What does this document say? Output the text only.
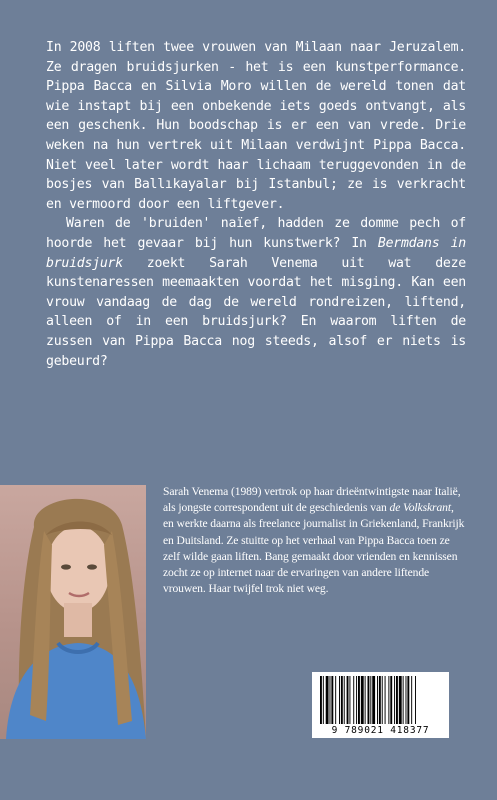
In 2008 liften twee vrouwen van Milaan naar Jeruzalem. Ze dragen bruidsjurken - het is een kunstperformance. Pippa Bacca en Silvia Moro willen de wereld tonen dat wie instapt bij een onbekende iets goeds ontvangt, als een geschenk. Hun boodschap is er een van vrede. Drie weken na hun vertrek uit Milaan verdwijnt Pippa Bacca. Niet veel later wordt haar lichaam teruggevonden in de bosjes van Ballıkayalar bij Istanbul; ze is verkracht en vermoord door een liftgever.

Waren de 'bruiden' naïef, hadden ze domme pech of hoorde het gevaar bij hun kunstwerk? In Bermdans in bruidsjurk zoekt Sarah Venema uit wat deze kunstenaressen meemaakten voordat het misging. Kan een vrouw vandaag de dag de wereld rondreizen, liftend, alleen of in een bruidsjurk? En waarom liften de zussen van Pippa Bacca nog steeds, alsof er niets is gebeurd?

Sarah Venema (1989) vertrok op haar drieëntwintigste naar Italië, als jongste correspondent uit de geschiedenis van de Volkskrant, en werkte daarna als freelance journalist in Griekenland, Frankrijk en Duitsland. Ze stuitte op het verhaal van Pippa Bacca toen ze zelf wilde gaan liften. Bang gemaakt door vrienden en kennissen zocht ze op internet naar de ervaringen van andere liftende vrouwen. Haar twijfel trok niet weg.

9 789021 418377
